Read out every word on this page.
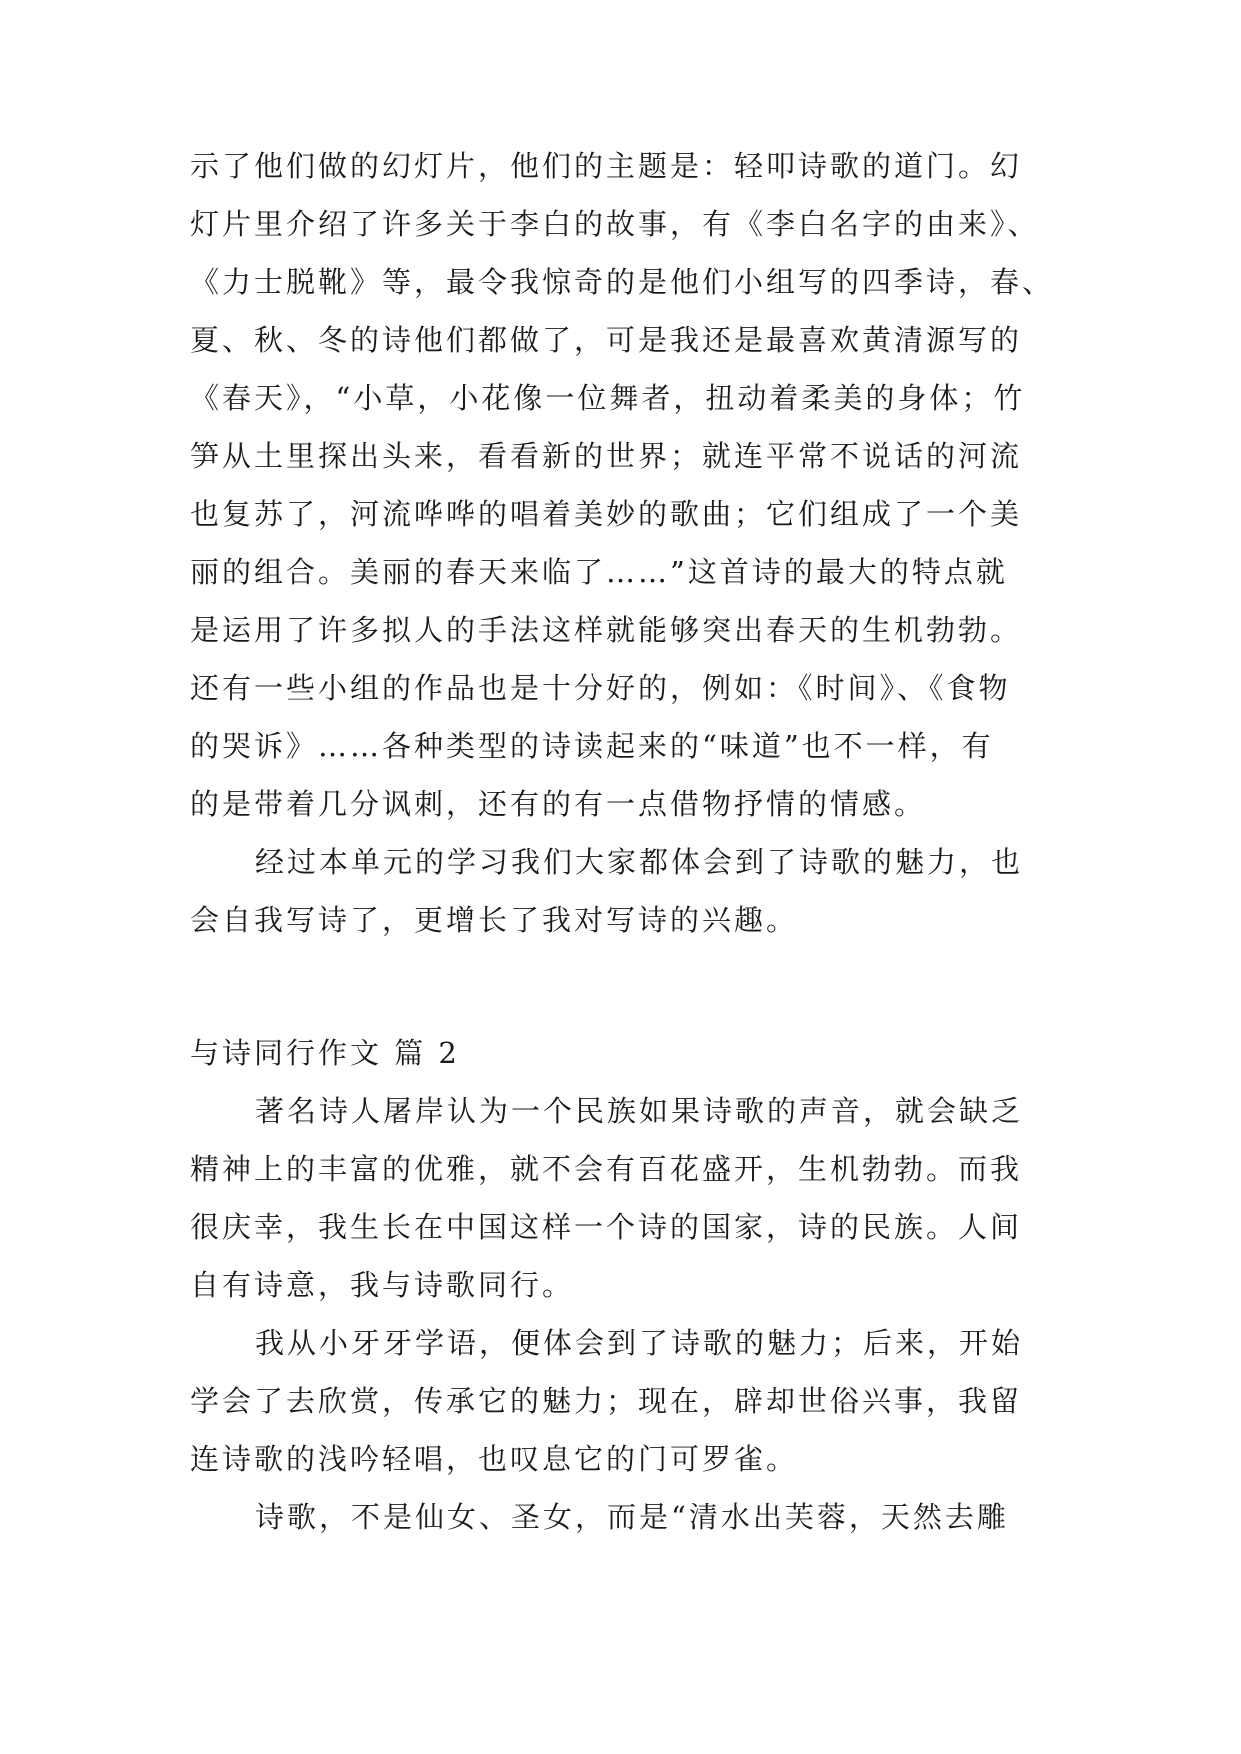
示了他们做的幻灯片，他们的主题是：轻叩诗歌的道门。幻
灯片里介绍了许多关于李白的故事，有《李白名字的由来》、
《力士脱靴》等，最令我惊奇的是他们小组写的四季诗，春、
夏、秋、冬的诗他们都做了，可是我还是最喜欢黄清源写的
《春天》，“小草，小花像一位舞者，扭动着柔美的身体；竹
笋从土里探出头来，看看新的世界；就连平常不说话的河流
也复苏了，河流哗哗的唱着美妙的歌曲；它们组成了一个美
丽的组合。美丽的春天来临了……”这首诗的最大的特点就
是运用了许多拟人的手法这样就能够突出春天的生机勃勃。
还有一些小组的作品也是十分好的，例如：《时间》、《食物
的哭诉》……各种类型的诗读起来的“味道”也不一样，有
的是带着几分讽刺，还有的有一点借物抒情的情感。
经过本单元的学习我们大家都体会到了诗歌的魅力，也
会自我写诗了，更增长了我对写诗的兴趣。
与诗同行作文 篇 2
著名诗人屠岸认为一个民族如果诗歌的声音，就会缺乏
精神上的丰富的优雅，就不会有百花盛开，生机勃勃。而我
很庆幸，我生长在中国这样一个诗的国家，诗的民族。人间
自有诗意，我与诗歌同行。
我从小牙牙学语，便体会到了诗歌的魅力；后来，开始
学会了去欣赏，传承它的魅力；现在，辟却世俗兴事，我留
连诗歌的浅吟轻唱，也叹息它的门可罗雀。
诗歌，不是仙女、圣女，而是“清水出芙蓉，天然去雕
